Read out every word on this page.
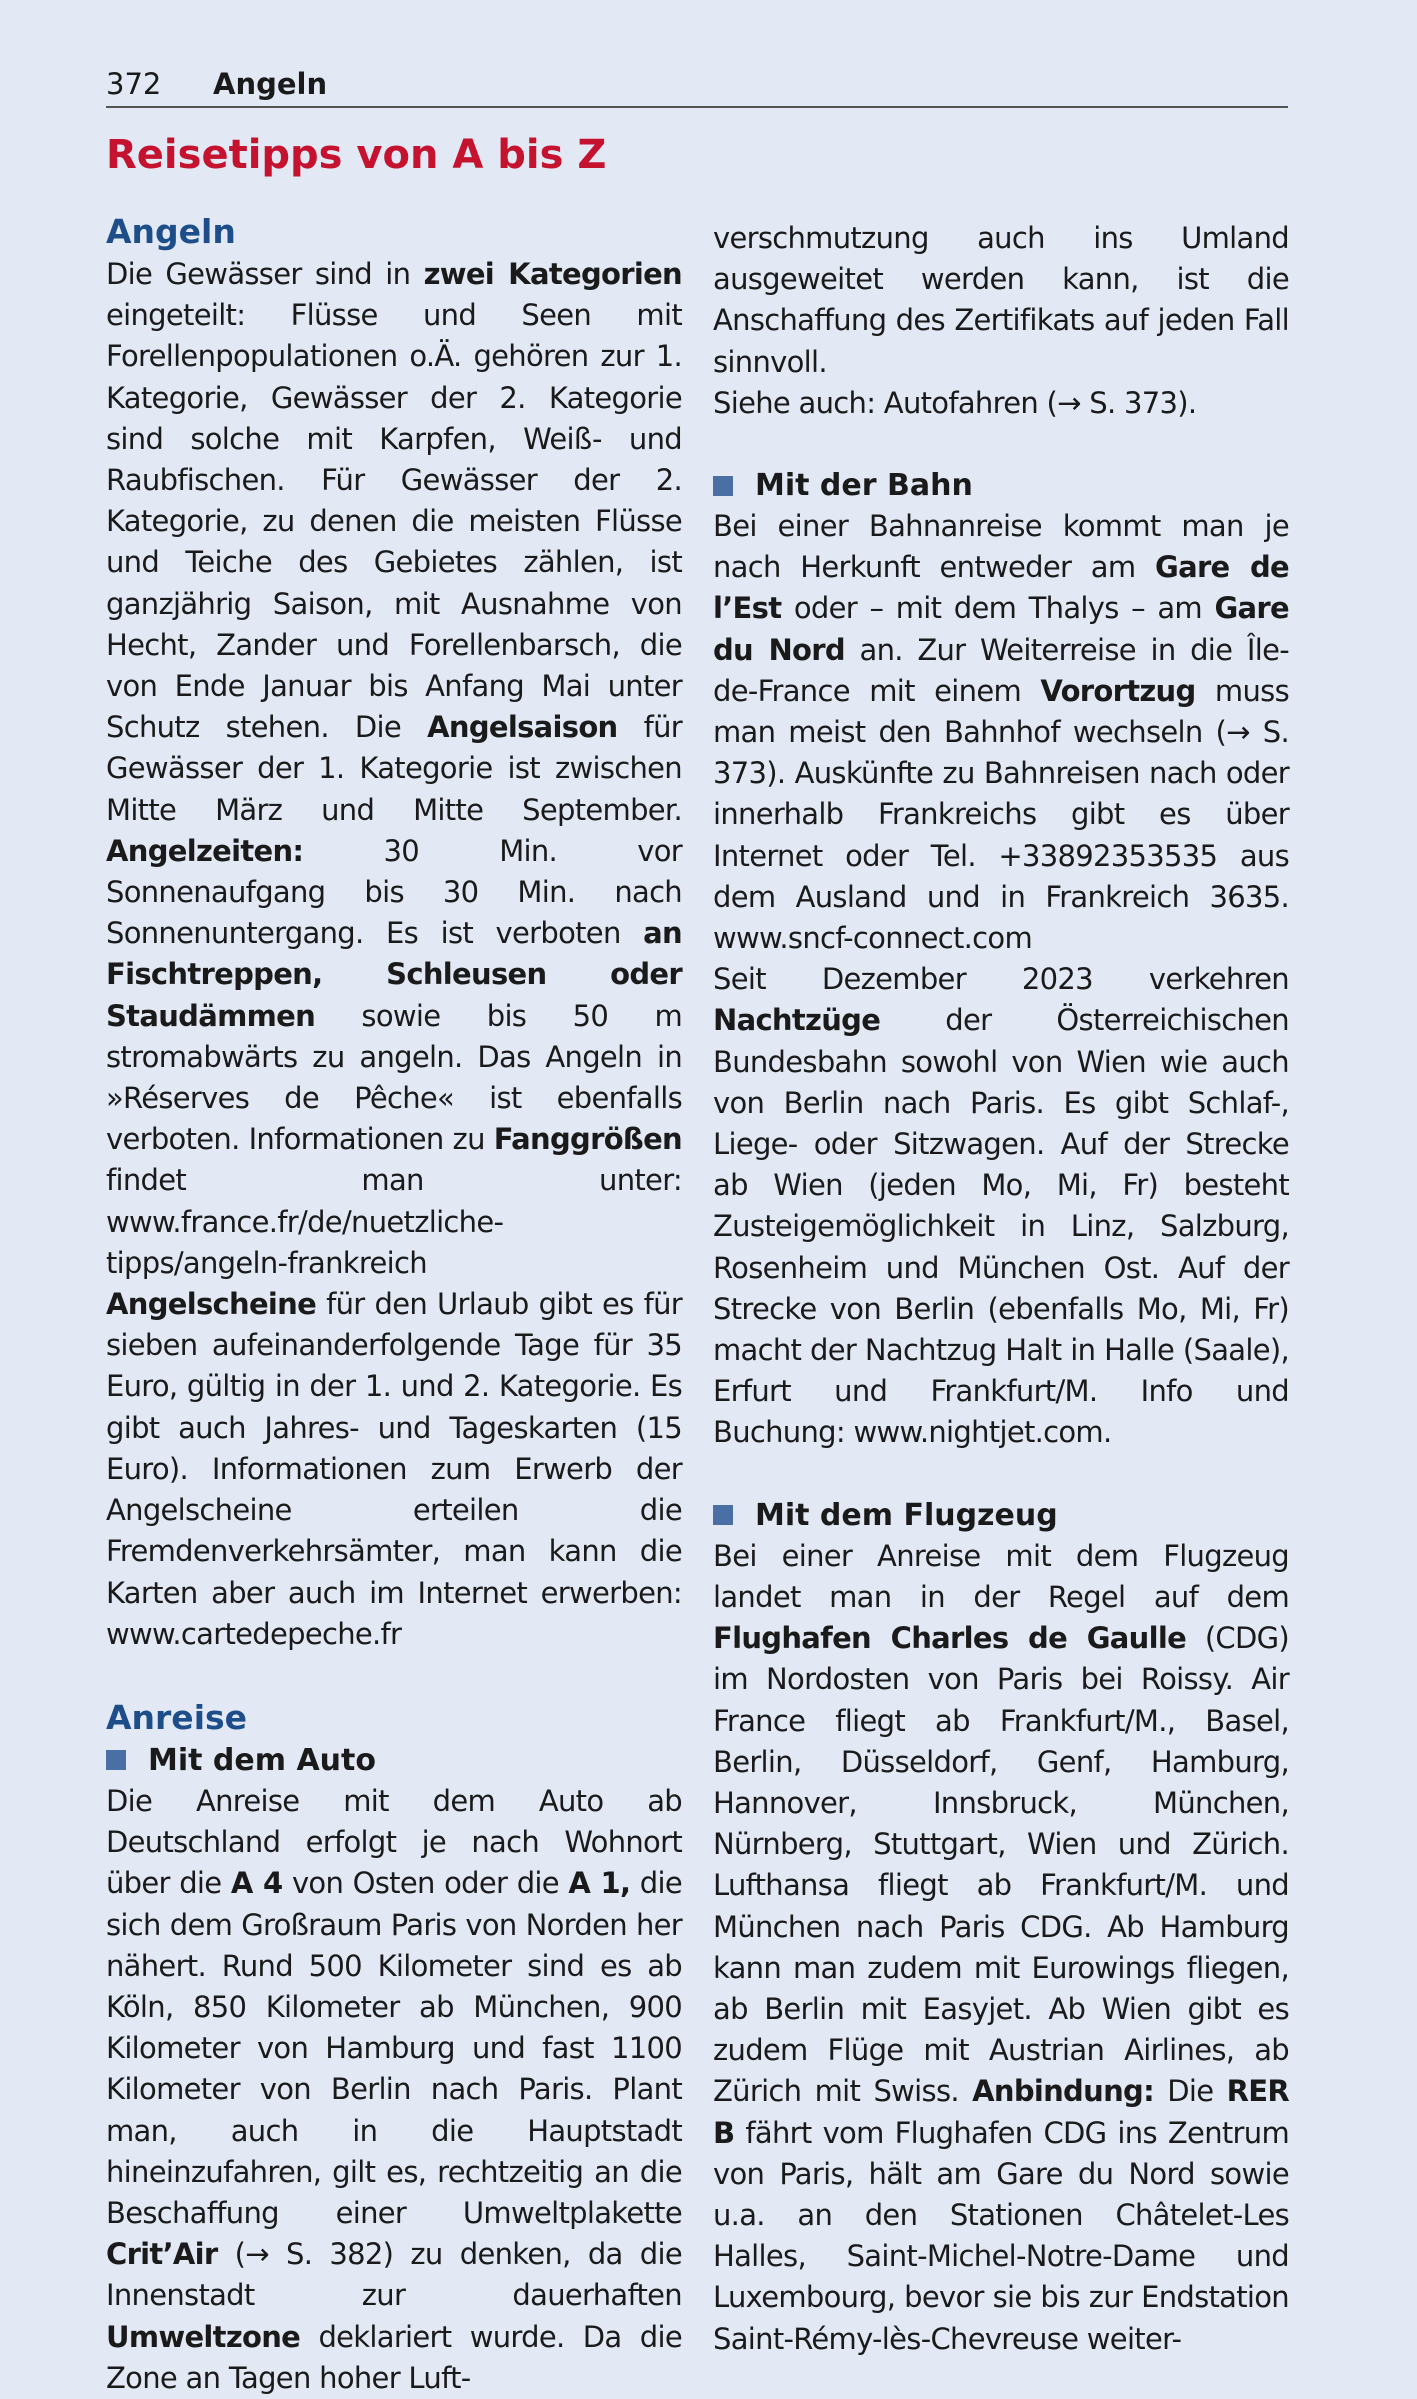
372 Angeln
Reisetipps von A bis Z
Angeln

Die Gewässer sind in zwei Kategorien eingeteilt: Flüsse und Seen mit Forellenpopulationen o.Ä. gehören zur 1. Kategorie, Gewässer der 2. Kategorie sind solche mit Karpfen, Weiß- und Raubfischen. Für Gewässer der 2. Kategorie, zu denen die meisten Flüsse und Teiche des Gebietes zählen, ist ganzjährig Saison, mit Ausnahme von Hecht, Zander und Forellenbarsch, die von Ende Januar bis Anfang Mai unter Schutz stehen. Die Angelsaison für Gewässer der 1. Kategorie ist zwischen Mitte März und Mitte September. Angelzeiten: 30 Min. vor Sonnenaufgang bis 30 Min. nach Sonnenuntergang. Es ist verboten an Fischtreppen, Schleusen oder Staudämmen sowie bis 50 m stromabwärts zu angeln. Das Angeln in »Réserves de Pêche« ist ebenfalls verboten. Informationen zu Fanggrößen findet man unter: www.france.fr/de/nuetzliche-tipps/angeln-frankreich

Angelscheine für den Urlaub gibt es für sieben aufeinanderfolgende Tage für 35 Euro, gültig in der 1. und 2. Kategorie. Es gibt auch Jahres- und Tageskarten (15 Euro). Informationen zum Erwerb der Angelscheine erteilen die Fremdenverkehrsämter, man kann die Karten aber auch im Internet erwerben: www.cartedepeche.fr

Anreise
Mit dem Auto

Die Anreise mit dem Auto ab Deutschland erfolgt je nach Wohnort über die A 4 von Osten oder die A 1, die sich dem Großraum Paris von Norden her nähert. Rund 500 Kilometer sind es ab Köln, 850 Kilometer ab München, 900 Kilometer von Hamburg und fast 1100 Kilometer von Berlin nach Paris. Plant man, auch in die Hauptstadt hineinzufahren, gilt es, rechtzeitig an die Beschaffung einer Umweltplakette Crit’Air (→ S. 382) zu denken, da die Innenstadt zur dauerhaften Umweltzone deklariert wurde. Da die Zone an Tagen hoher Luft-

verschmutzung auch ins Umland ausgeweitet werden kann, ist die Anschaffung des Zertifikats auf jeden Fall sinnvoll.

Siehe auch: Autofahren (→ S. 373).

Mit der Bahn

Bei einer Bahnanreise kommt man je nach Herkunft entweder am Gare de l’Est oder – mit dem Thalys – am Gare du Nord an. Zur Weiterreise in die Île-de-France mit einem Vorortzug muss man meist den Bahnhof wechseln (→ S. 373). Auskünfte zu Bahnreisen nach oder innerhalb Frankreichs gibt es über Internet oder Tel. +33892353535 aus dem Ausland und in Frankreich 3635. www.sncf-connect.com

Seit Dezember 2023 verkehren Nachtzüge der Österreichischen Bundesbahn sowohl von Wien wie auch von Berlin nach Paris. Es gibt Schlaf-, Liege- oder Sitzwagen. Auf der Strecke ab Wien (jeden Mo, Mi, Fr) besteht Zusteigemöglichkeit in Linz, Salzburg, Rosenheim und München Ost. Auf der Strecke von Berlin (ebenfalls Mo, Mi, Fr) macht der Nachtzug Halt in Halle (Saale), Erfurt und Frankfurt/M. Info und Buchung: www.nightjet.com.

Mit dem Flugzeug

Bei einer Anreise mit dem Flugzeug landet man in der Regel auf dem Flughafen Charles de Gaulle (CDG) im Nordosten von Paris bei Roissy. Air France fliegt ab Frankfurt/M., Basel, Berlin, Düsseldorf, Genf, Hamburg, Hannover, Innsbruck, München, Nürnberg, Stuttgart, Wien und Zürich. Lufthansa fliegt ab Frankfurt/M. und München nach Paris CDG. Ab Hamburg kann man zudem mit Eurowings fliegen, ab Berlin mit Easyjet. Ab Wien gibt es zudem Flüge mit Austrian Airlines, ab Zürich mit Swiss. Anbindung: Die RER B fährt vom Flughafen CDG ins Zentrum von Paris, hält am Gare du Nord sowie u.a. an den Stationen Châtelet-Les Halles, Saint-Michel-Notre-Dame und Luxembourg, bevor sie bis zur Endstation Saint-Rémy-lès-Chevreuse weiter-
